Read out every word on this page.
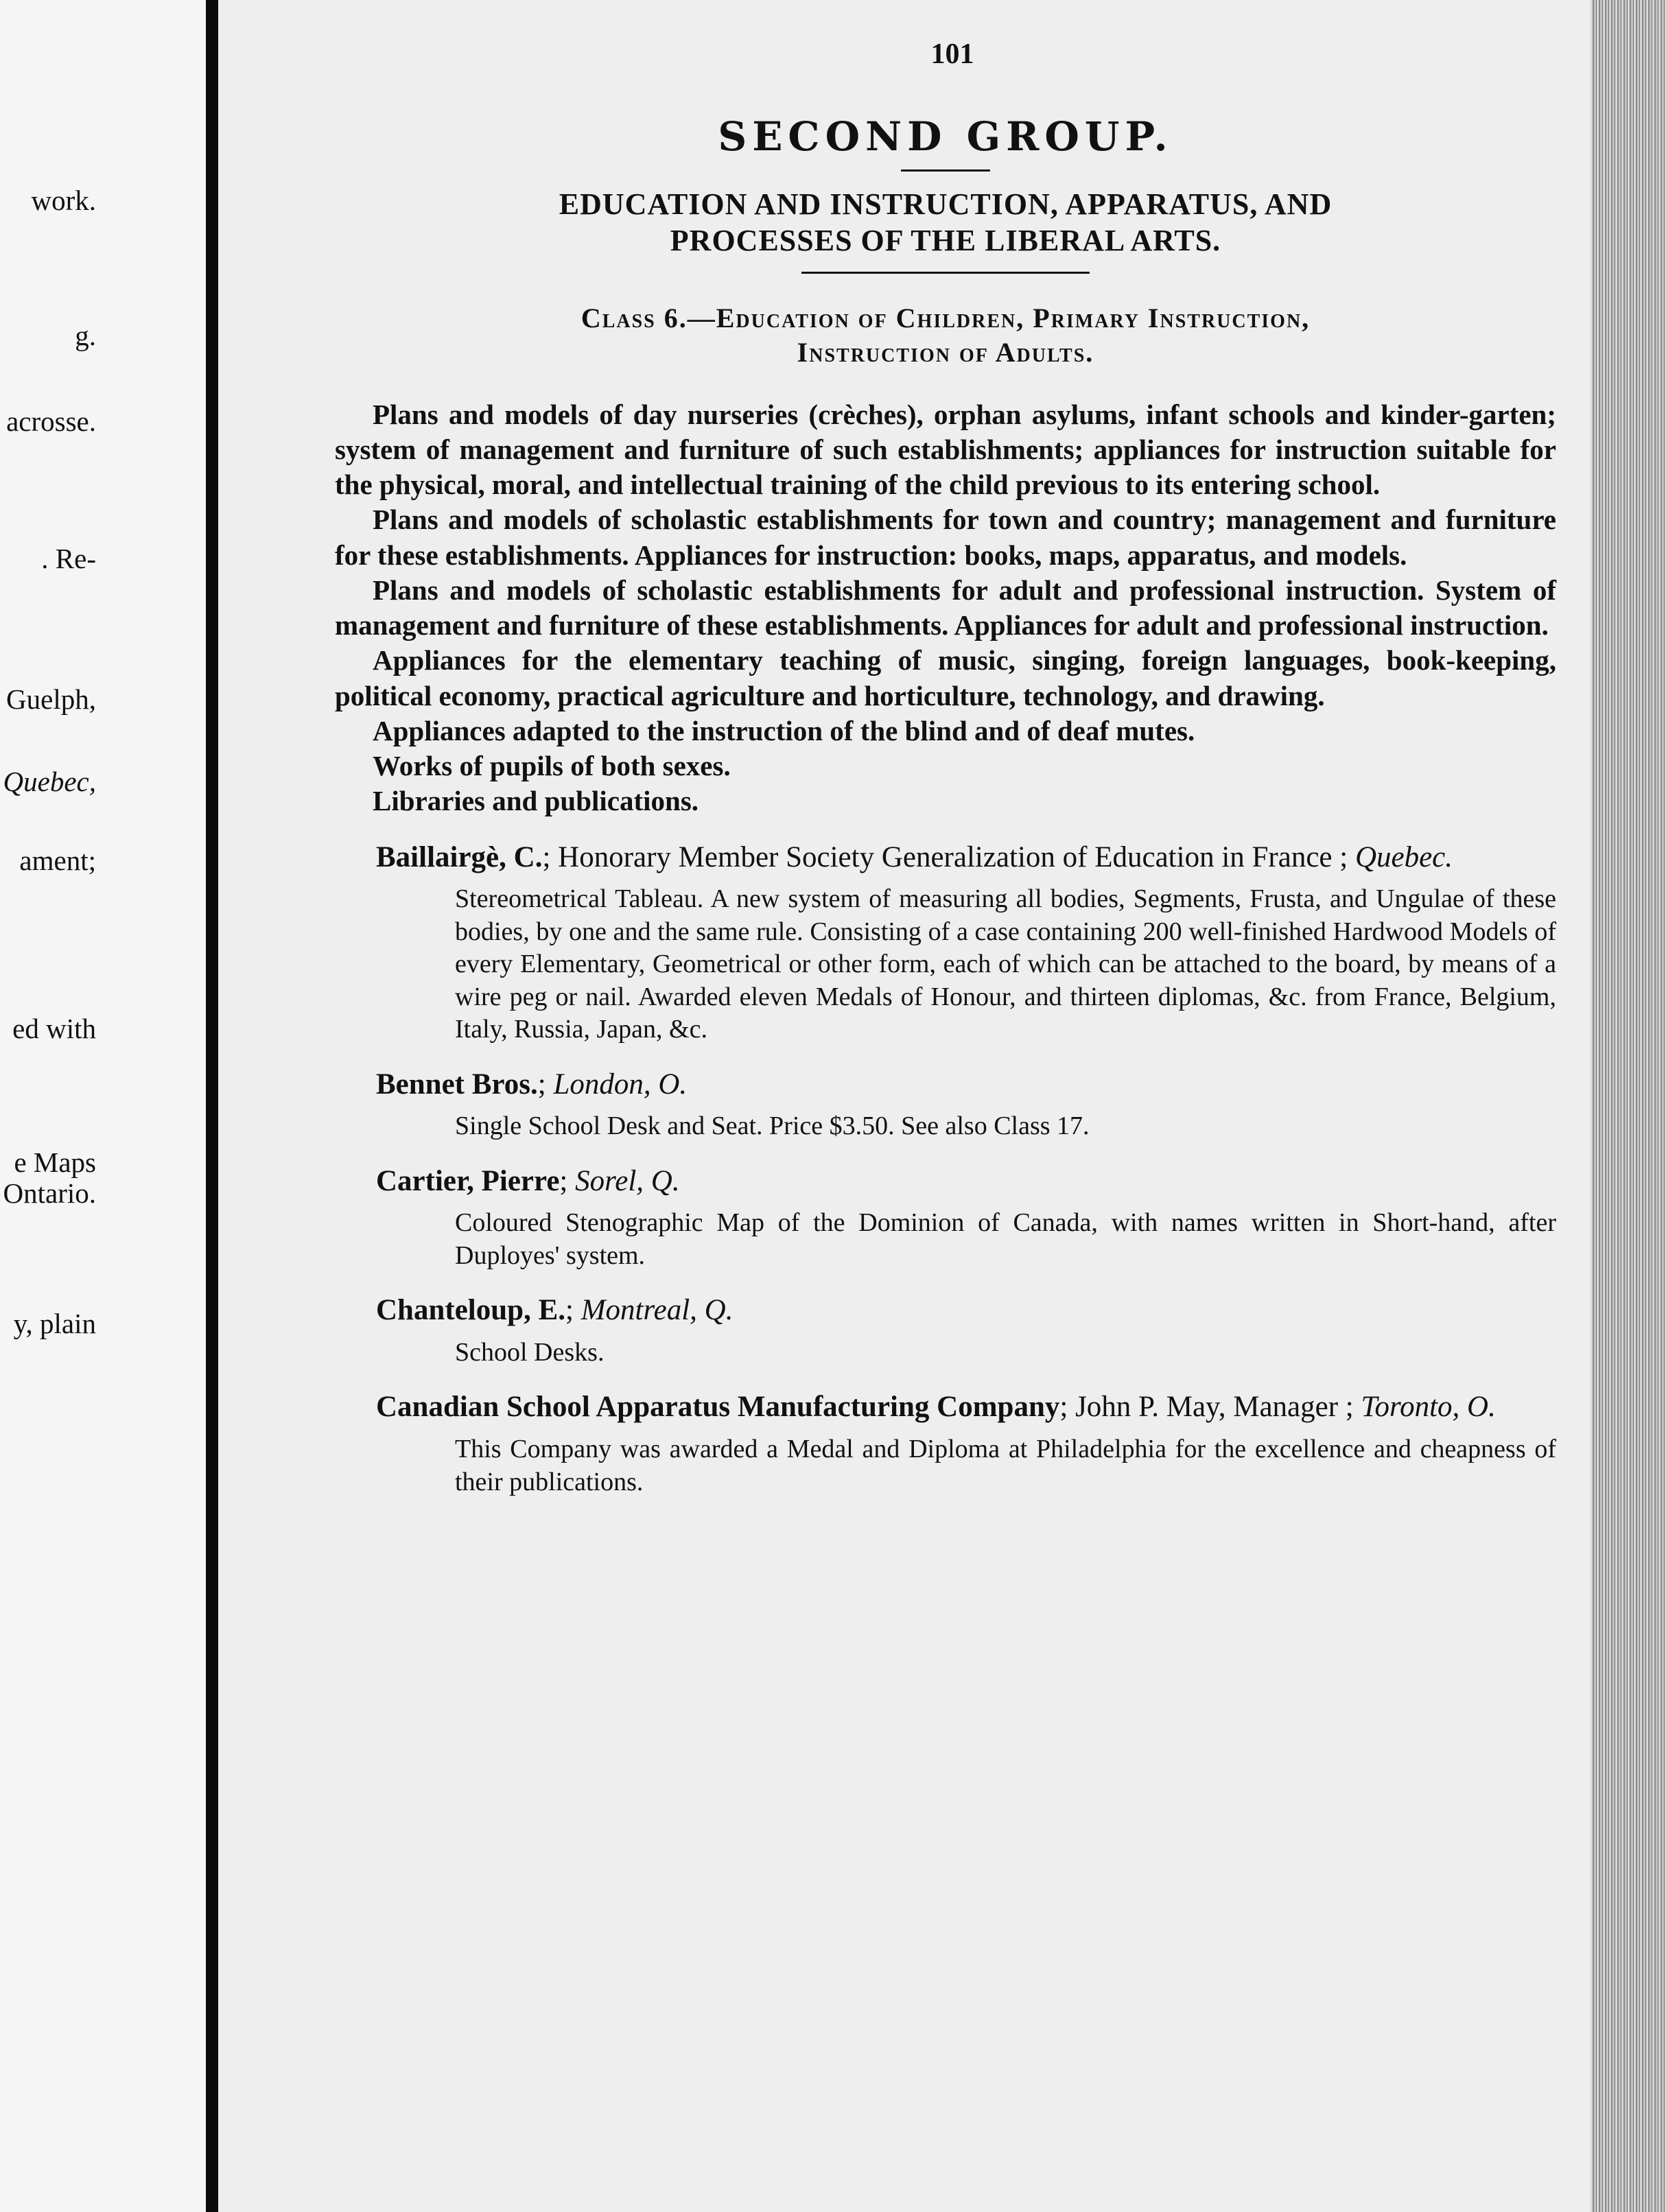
work.
g.
acrosse.
. Re-
Guelph,
Quebec,
ament;
ed with
e Maps
Ontario.
y, plain
101
SECOND GROUP.
EDUCATION AND INSTRUCTION, APPARATUS, AND
PROCESSES OF THE LIBERAL ARTS.
Class 6.—Education of Children, Primary Instruction,
Instruction of Adults.

Plans and models of day nurseries (crèches), orphan asylums, infant schools and kinder-garten; system of management and furniture of such establishments; appliances for instruction suitable for the physical, moral, and intellectual training of the child previous to its entering school.

Plans and models of scholastic establishments for town and country; management and furniture for these establishments. Appliances for instruction: books, maps, apparatus, and models.

Plans and models of scholastic establishments for adult and professional instruction. System of management and furniture of these establishments. Appliances for adult and professional instruction.

Appliances for the elementary teaching of music, singing, foreign languages, book-keeping, political economy, practical agriculture and horticulture, technology, and drawing.

Appliances adapted to the instruction of the blind and of deaf mutes.

Works of pupils of both sexes.

Libraries and publications.

Baillairgè, C.; Honorary Member Society Generalization of Education in France ; Quebec.
Stereometrical Tableau. A new system of measuring all bodies, Segments, Frusta, and Ungulae of these bodies, by one and the same rule. Consisting of a case containing 200 well-finished Hardwood Models of every Elementary, Geometrical or other form, each of which can be attached to the board, by means of a wire peg or nail. Awarded eleven Medals of Honour, and thirteen diplomas, &c. from France, Belgium, Italy, Russia, Japan, &c.
Bennet Bros.; London, O.
Single School Desk and Seat. Price $3.50. See also Class 17.
Cartier, Pierre; Sorel, Q.
Coloured Stenographic Map of the Dominion of Canada, with names written in Short-hand, after Duployes' system.
Chanteloup, E.; Montreal, Q.
School Desks.
Canadian School Apparatus Manufacturing Company; John P. May, Manager ; Toronto, O.
This Company was awarded a Medal and Diploma at Philadelphia for the excellence and cheapness of their publications.
